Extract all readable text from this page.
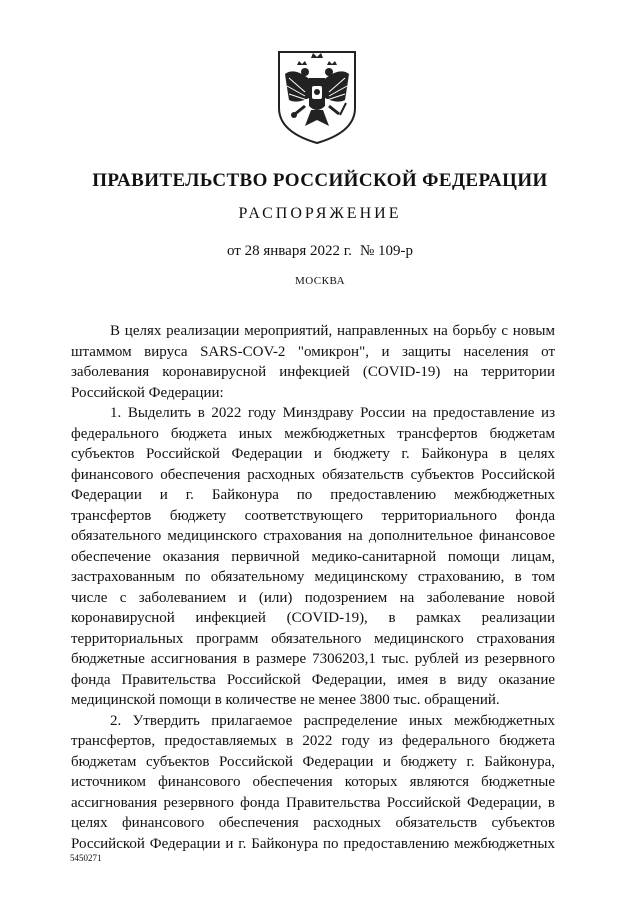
ПРАВИТЕЛЬСТВО РОССИЙСКОЙ ФЕДЕРАЦИИ
РАСПОРЯЖЕНИЕ
от 28 января 2022 г. № 109-р
МОСКВА
В целях реализации мероприятий, направленных на борьбу с новым
штаммом вируса SARS-COV-2 "омикрон", и защиты населения от
заболевания коронавирусной инфекцией (COVID-19) на территории
Российской Федерации:
1. Выделить в 2022 году Минздраву России на предоставление из
федерального бюджета иных межбюджетных трансфертов бюджетам
субъектов Российской Федерации и бюджету г. Байконура в целях
финансового обеспечения расходных обязательств субъектов Российской
Федерации и г. Байконура по предоставлению межбюджетных
трансфертов бюджету соответствующего территориального фонда
обязательного медицинского страхования на дополнительное финансовое
обеспечение оказания первичной медико-санитарной помощи лицам,
застрахованным по обязательному медицинскому страхованию, в том
числе с заболеванием и (или) подозрением на заболевание новой
коронавирусной инфекцией (COVID-19), в рамках реализации
территориальных программ обязательного медицинского страхования
бюджетные ассигнования в размере 7306203,1 тыс. рублей из резервного
фонда Правительства Российской Федерации, имея в виду оказание
медицинской помощи в количестве не менее 3800 тыс. обращений.
2. Утвердить прилагаемое распределение иных межбюджетных
трансфертов, предоставляемых в 2022 году из федерального бюджета
бюджетам субъектов Российской Федерации и бюджету г. Байконура,
источником финансового обеспечения которых являются бюджетные
ассигнования резервного фонда Правительства Российской Федерации, в
целях финансового обеспечения расходных обязательств субъектов
Российской Федерации и г. Байконура по предоставлению межбюджетных
5450271
